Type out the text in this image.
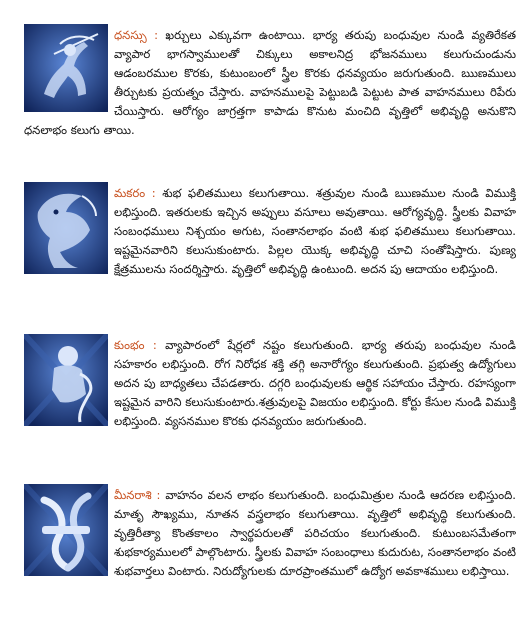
ధనస్సు : ఖర్చులు ఎక్కువగా ఉంటాయి. భార్య తరుపు బంధువుల నుండి వ్యతిరేకత వ్యాపార భాగస్వాములతో చిక్కులు అకాలనిద్ర భోజనములు కలుగుచుండును ఆడంబరముల కొరకు, కుటుంబంలో స్త్రీల కొరకు ధనవ్యయం జరుగుతుంది. ఋణములు తీర్చుటకు ప్రయత్నం చేస్తారు. వాహనములపై పెట్టుబడి పెట్టుట పాత వాహనములు రిపేరు చేయిస్తారు. ఆరోగ్యం జాగ్రత్తగా కాపాడు కొనుట మంచిది వృత్తిలో అభివృద్ధి అనుకొని ధనలాభం కలుగు తాయి.
మకరం : శుభ ఫలితములు కలుగుతాయి. శత్రువుల నుండి ఋణముల నుండి విముక్తి లభిస్తుంది. ఇతరులకు ఇచ్చిన అప్పులు వసూలు అవుతాయి. ఆరోగ్యవృద్ధి. స్త్రీలకు వివాహ సంబంధములు నిశ్చయం అగుట, సంతానలాభం వంటి శుభ ఫలితములు కలుగుతాయి. ఇష్టమైనవారిని కలుసుకుంటారు. పిల్లల యొక్క అభివృద్ధి చూచి సంతోషిస్తారు. పుణ్య క్షేత్రములను సందర్శిస్తారు. వృత్తిలో అభివృద్ధి ఉంటుంది. అదన పు ఆదాయం లభిస్తుంది.
కుంభం : వ్యాపారంలో షేర్లలో నష్టం కలుగుతుంది. భార్య తరుపు బంధువుల నుండి సహకారం లభిస్తుంది. రోగ నిరోధక శక్తి తగ్గి అనారోగ్యం కలుగుతుంది. ప్రభుత్వ ఉద్యోగులు అదన పు బాధ్యతలు చేపడతారు. దగ్గరి బంధువులకు ఆర్థిక సహాయం చేస్తారు. రహస్యంగా ఇష్టమైన వారిని కలుసుకుంటారు.శత్రువులపై విజయం లభిస్తుంది. కోర్టు కేసుల నుండి విముక్తి లభిస్తుంది. వ్యసనముల కొరకు ధనవ్యయం జరుగుతుంది.
మీనరాశి : వాహనం వలన లాభం కలుగుతుంది. బంధుమిత్రుల నుండి ఆదరణ లభిస్తుంది. మాతృ సౌఖ్యము, నూతన వస్త్రలాభం కలుగుతాయి. వృత్తిలో అభివృద్ధి కలుగుతుంది. వృత్తిరీత్యా కొంతకాలం స్వార్థపరులతో పరిచయం కలుగుతుంది. కుటుంబసమేతంగా శుభకార్యములలో పాల్గొంటారు. స్త్రీలకు వివాహ సంబంధాలు కుదురుట, సంతానలాభం వంటి శుభవార్తలు వింటారు. నిరుద్యోగులకు దూరప్రాంతములో ఉద్యోగ అవకాశములు లభిస్తాయి.
